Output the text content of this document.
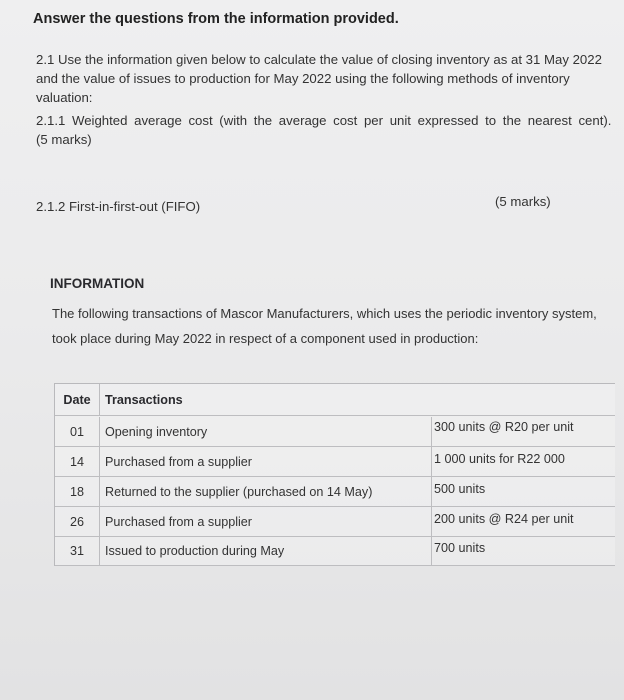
Answer the questions from the information provided.
2.1 Use the information given below to calculate the value of closing inventory as at 31 May 2022 and the value of issues to production for May 2022 using the following methods of inventory valuation:
2.1.1 Weighted average cost (with the average cost per unit expressed to the nearest cent).
(5 marks)
2.1.2 First-in-first-out (FIFO)	(5 marks)
INFORMATION
The following transactions of Mascor Manufacturers, which uses the periodic inventory system, took place during May 2022 in respect of a component used in production:
Date	Transactions
01	Opening inventory	300 units @ R20 per unit
14	Purchased from a supplier	1 000 units for R22 000
18	Returned to the supplier (purchased on 14 May)	500 units
26	Purchased from a supplier	200 units @ R24 per unit
31	Issued to production during May	700 units
